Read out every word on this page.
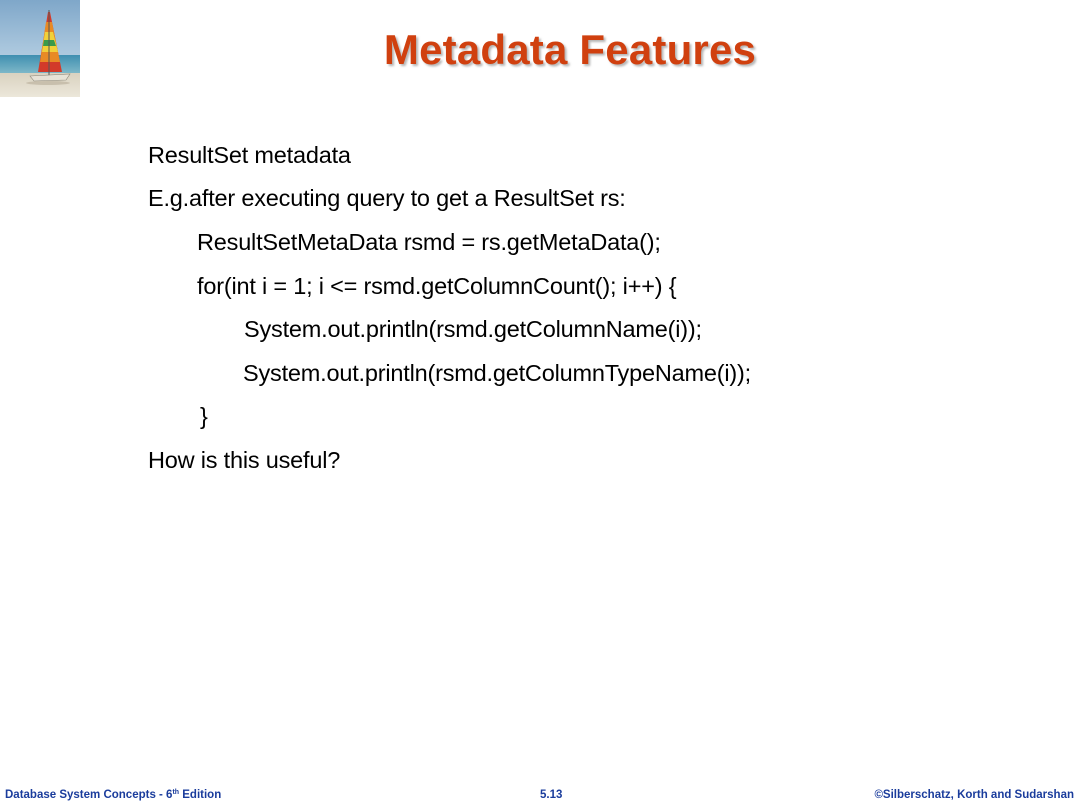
Metadata Features
ResultSet metadata
E.g.after executing query to get a ResultSet rs:
ResultSetMetaData rsmd = rs.getMetaData();
for(int i = 1; i <= rsmd.getColumnCount(); i++) {
System.out.println(rsmd.getColumnName(i));
System.out.println(rsmd.getColumnTypeName(i));
}
How is this useful?
Database System Concepts - 6th Edition	5.13	©Silberschatz, Korth and Sudarshan
